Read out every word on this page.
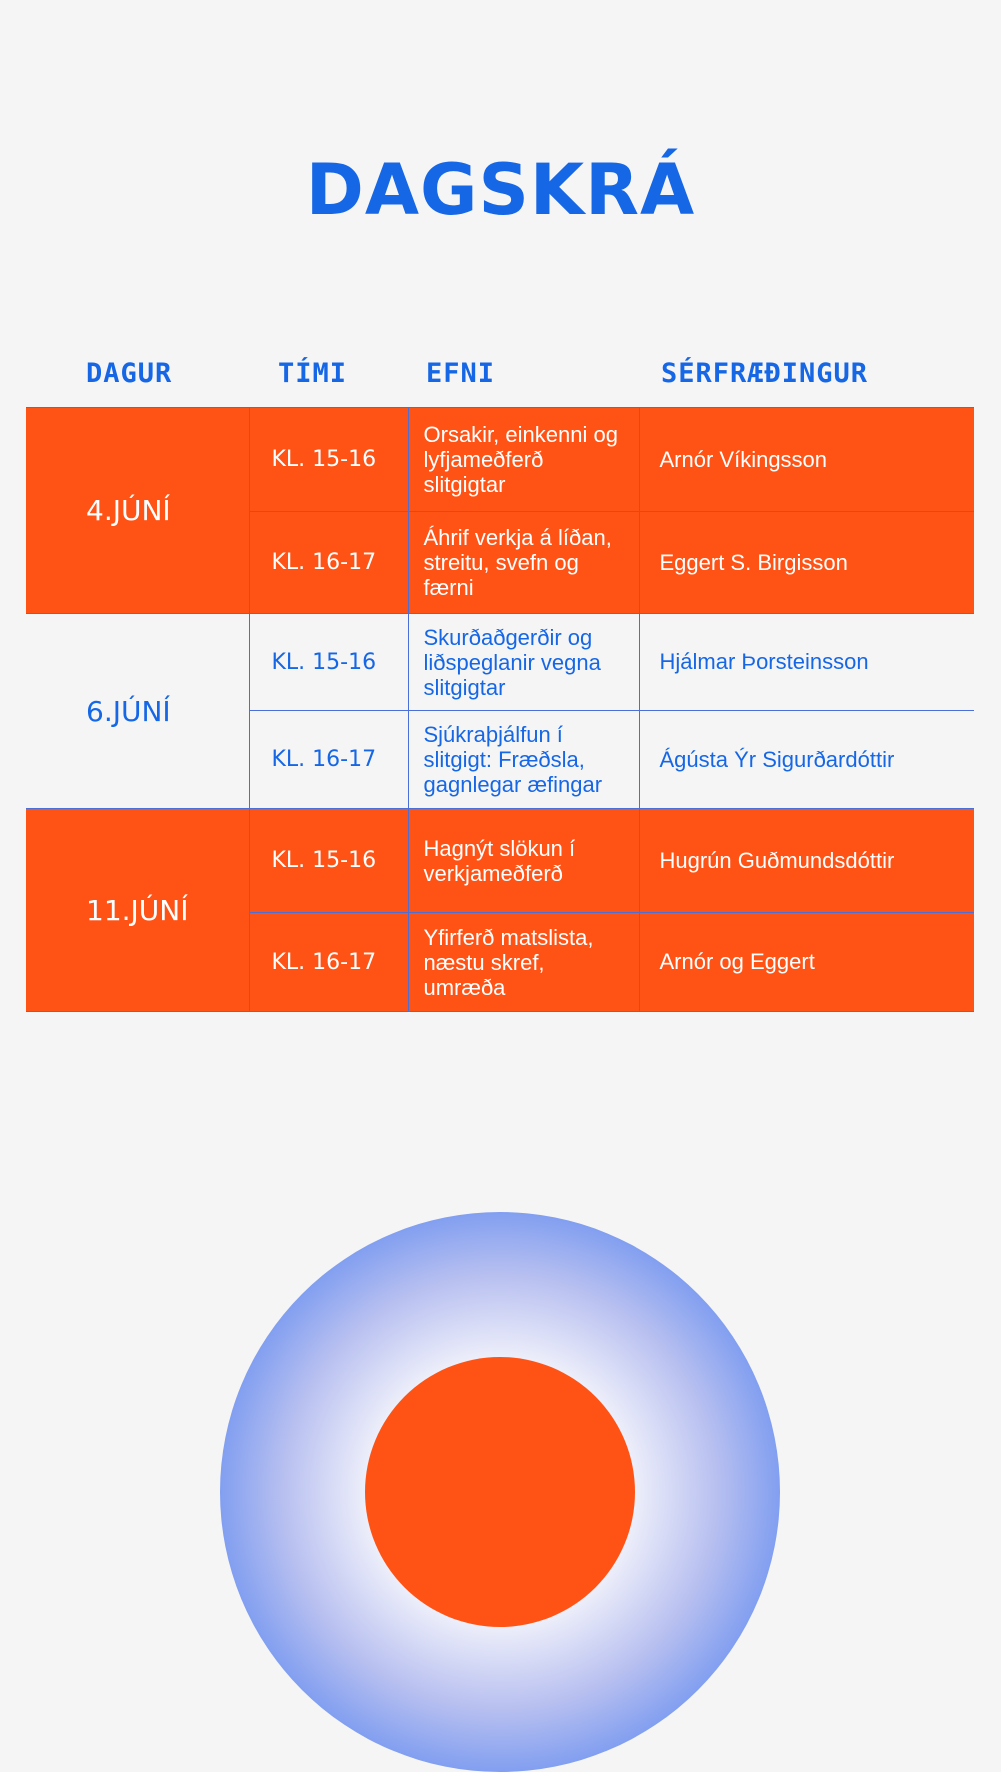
DAGSKRÁ
DAGUR	TÍMI	EFNI	SÉRFRÆÐINGUR
4.JÚNÍ	KL. 15-16	Orsakir, einkenni og lyfjameðferð slitgigtar	Arnór Víkingsson
	KL. 16-17	Áhrif verkja á líðan, streitu, svefn og færni	Eggert S. Birgisson
6.JÚNÍ	KL. 15-16	Skurðaðgerðir og liðspeglanir vegna slitgigtar	Hjálmar Þorsteinsson
	KL. 16-17	Sjúkraþjálfun í slitgigt: Fræðsla, gagnlegar æfingar	Ágústa Ýr Sigurðardóttir
11.JÚNÍ	KL. 15-16	Hagnýt slökun í verkjameðferð	Hugrún Guðmundsdóttir
	KL. 16-17	Yfirferð matslista, næstu skref, umræða	Arnór og Eggert
